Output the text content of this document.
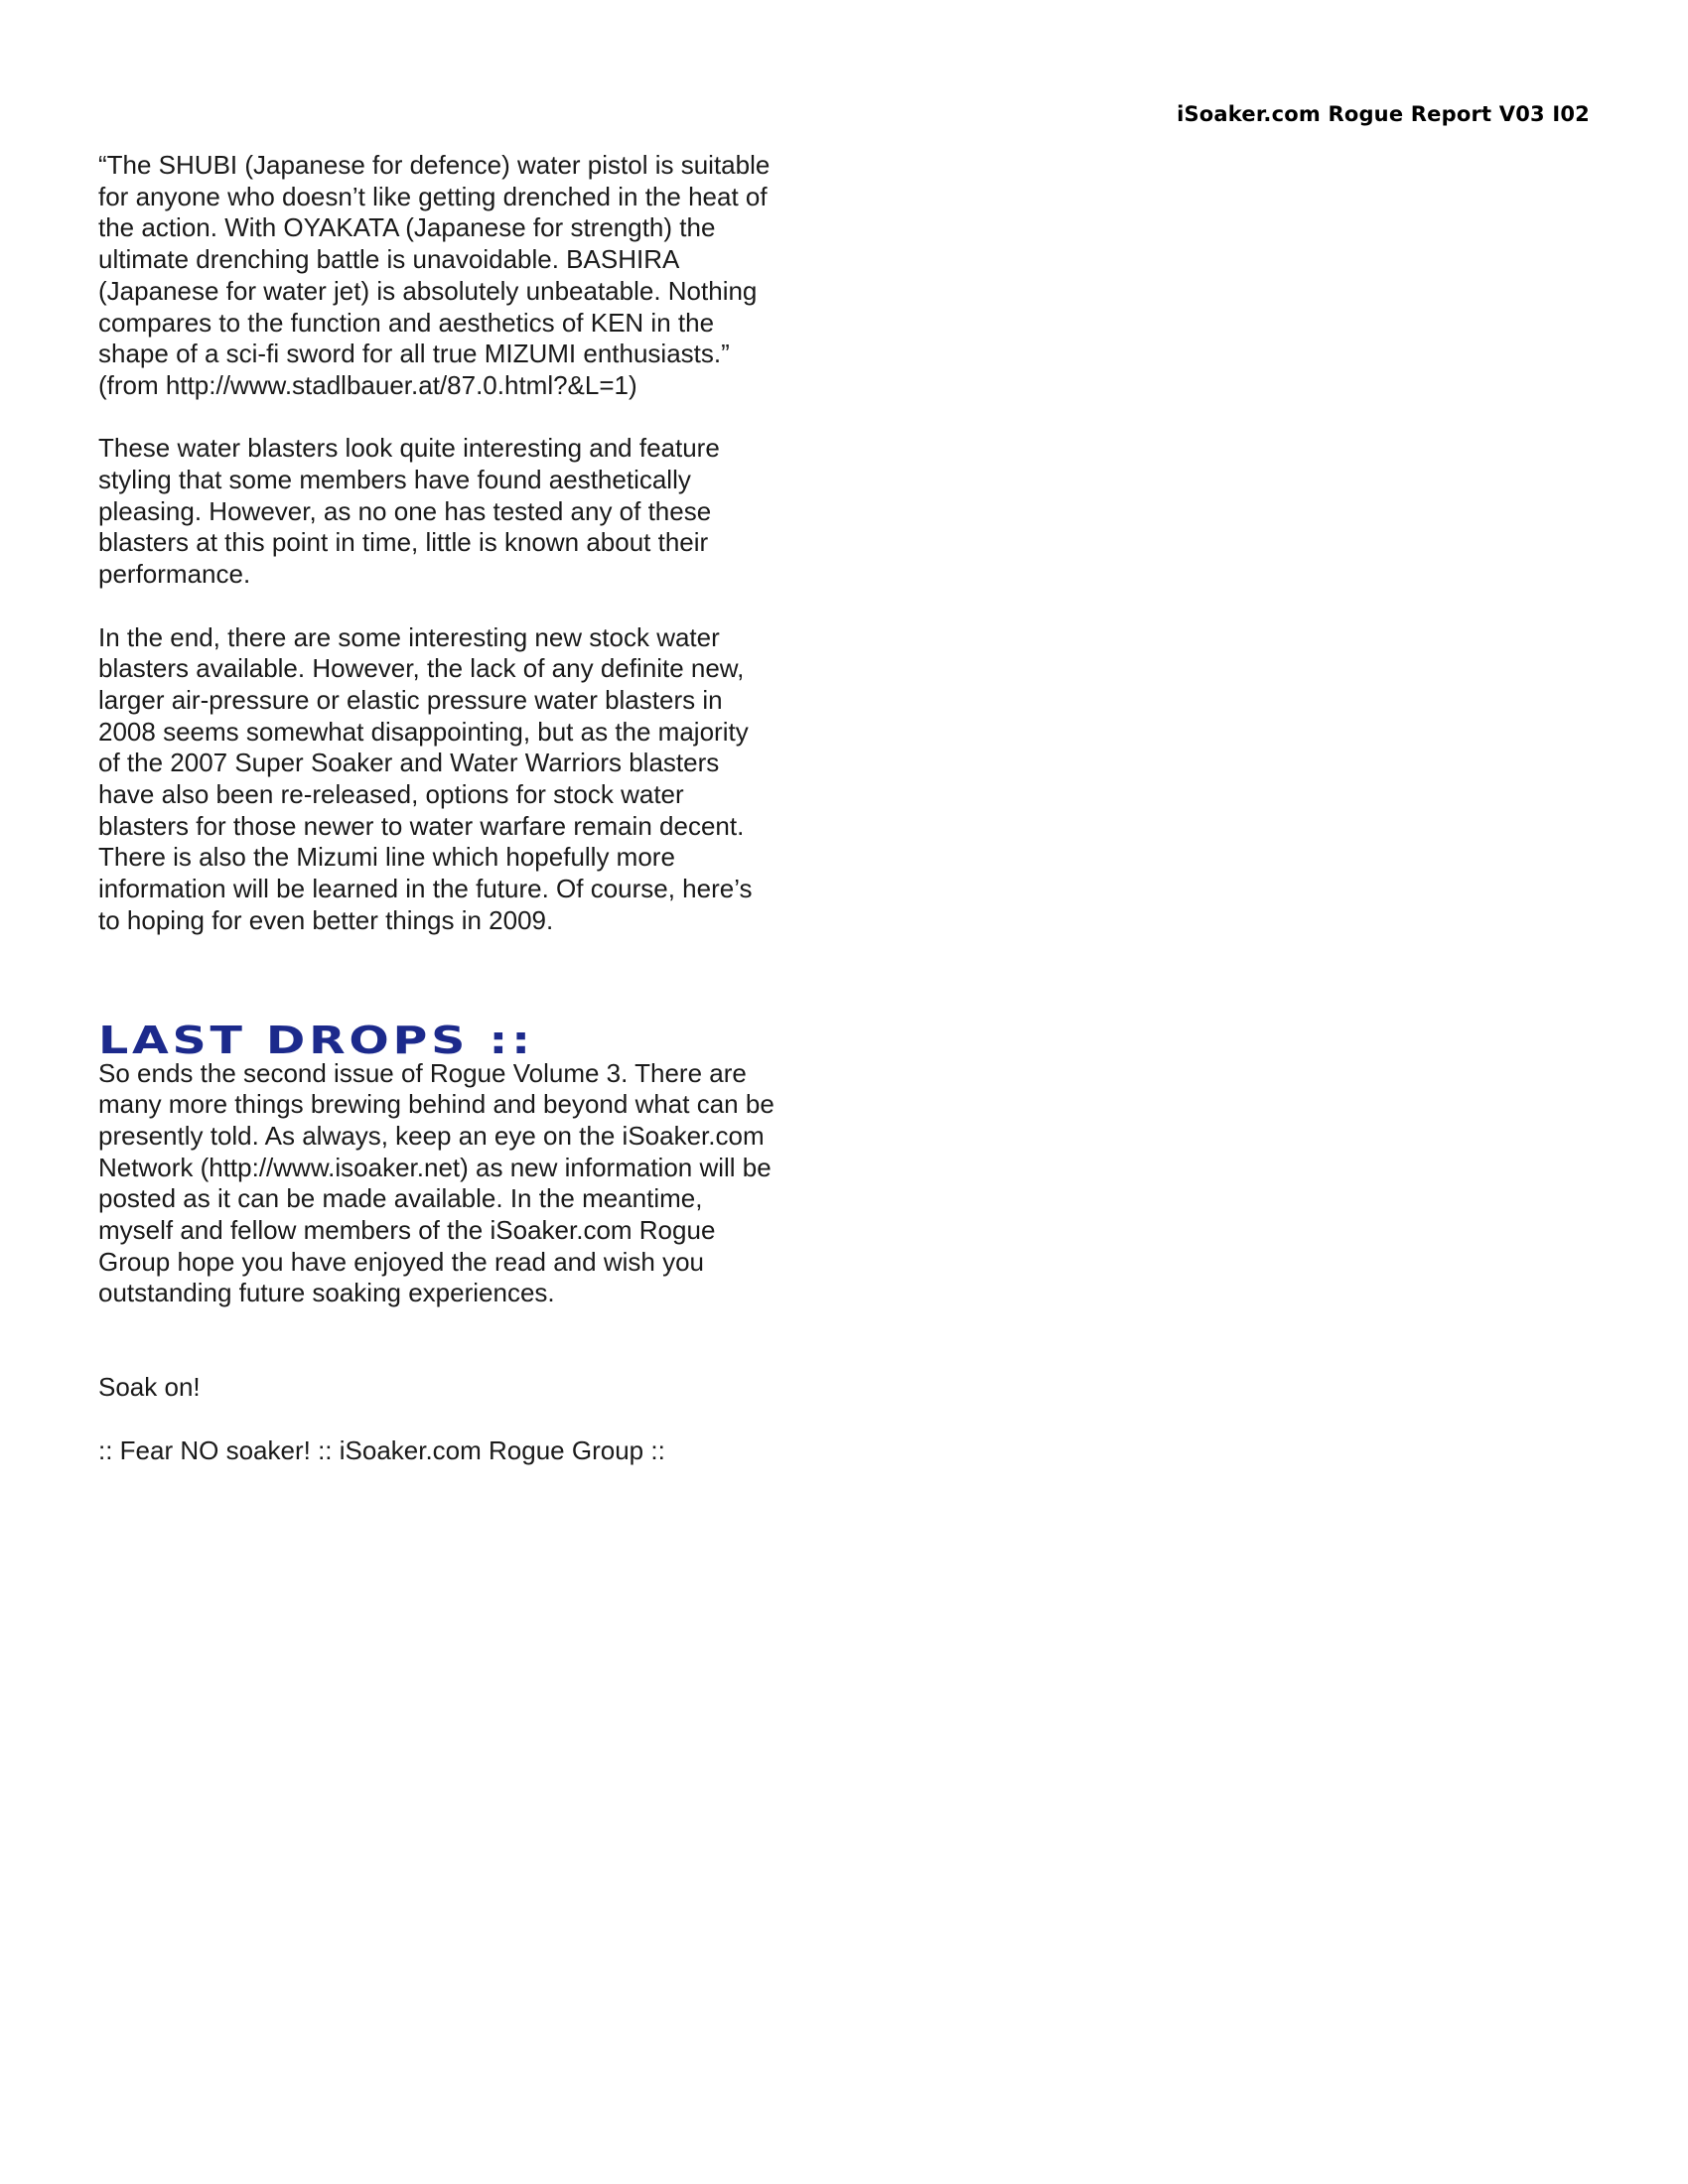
iSoaker.com Rogue Report V03 I02

“The SHUBI (Japanese for defence) water pistol is suitable
for anyone who doesn’t like getting drenched in the heat of
the action. With OYAKATA (Japanese for strength) the
ultimate drenching battle is unavoidable. BASHIRA
(Japanese for water jet) is absolutely unbeatable. Nothing
compares to the function and aesthetics of KEN in the
shape of a sci-fi sword for all true MIZUMI enthusiasts.”
(from http://www.stadlbauer.at/87.0.html?&L=1)

These water blasters look quite interesting and feature
styling that some members have found aesthetically
pleasing. However, as no one has tested any of these
blasters at this point in time, little is known about their
performance.

In the end, there are some interesting new stock water
blasters available. However, the lack of any definite new,
larger air-pressure or elastic pressure water blasters in
2008 seems somewhat disappointing, but as the majority
of the 2007 Super Soaker and Water Warriors blasters
have also been re-released, options for stock water
blasters for those newer to water warfare remain decent.
There is also the Mizumi line which hopefully more
information will be learned in the future. Of course, here’s
to hoping for even better things in 2009.

LAST DROPS ::

So ends the second issue of Rogue Volume 3. There are
many more things brewing behind and beyond what can be
presently told. As always, keep an eye on the iSoaker.com
Network (http://www.isoaker.net) as new information will be
posted as it can be made available. In the meantime,
myself and fellow members of the iSoaker.com Rogue
Group hope you have enjoyed the read and wish you
outstanding future soaking experiences.

Soak on!

:: Fear NO soaker! :: iSoaker.com Rogue Group ::
